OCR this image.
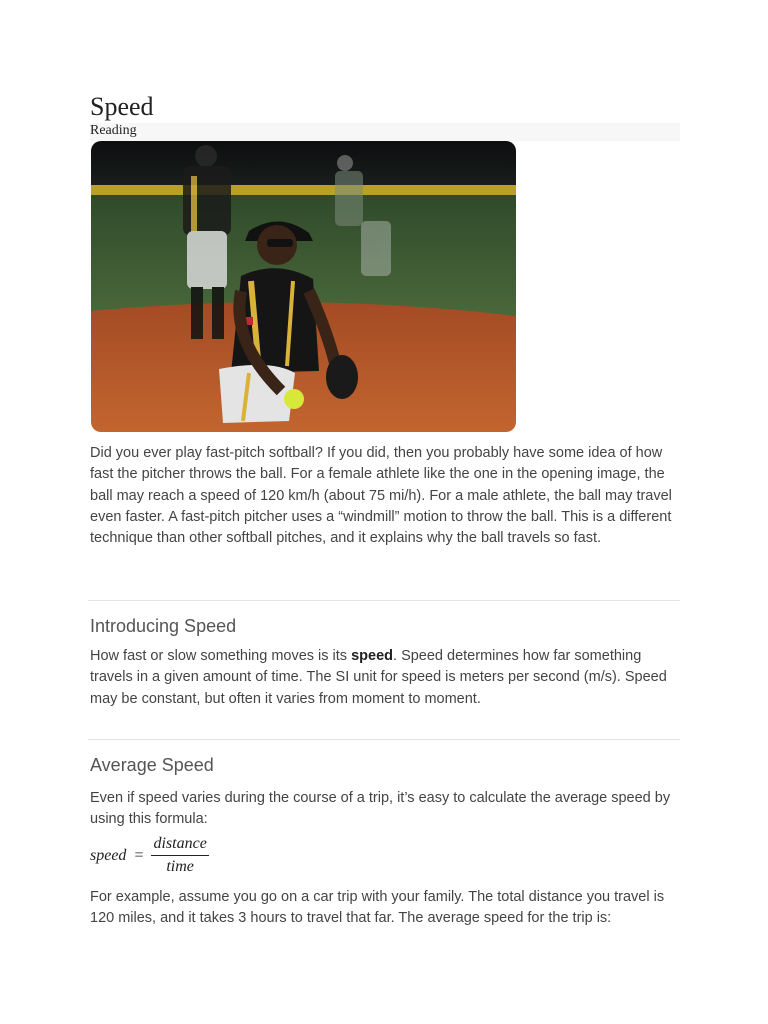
Speed
Reading

Did you ever play fast-pitch softball? If you did, then you probably have some idea of how fast the pitcher throws the ball. For a female athlete like the one in the opening image, the ball may reach a speed of 120 km/h (about 75 mi/h). For a male athlete, the ball may travel even faster. A fast-pitch pitcher uses a “windmill” motion to throw the ball. This is a different technique than other softball pitches, and it explains why the ball travels so fast.

Introducing Speed

How fast or slow something moves is its speed. Speed determines how far something travels in a given amount of time. The SI unit for speed is meters per second (m/s). Speed may be constant, but often it varies from moment to moment.

Average Speed

Even if speed varies during the course of a trip, it’s easy to calculate the average speed by using this formula:

speed = $\frac{\text{distance}}{\text{time}}$

For example, assume you go on a car trip with your family. The total distance you travel is 120 miles, and it takes 3 hours to travel that far. The average speed for the trip is:
